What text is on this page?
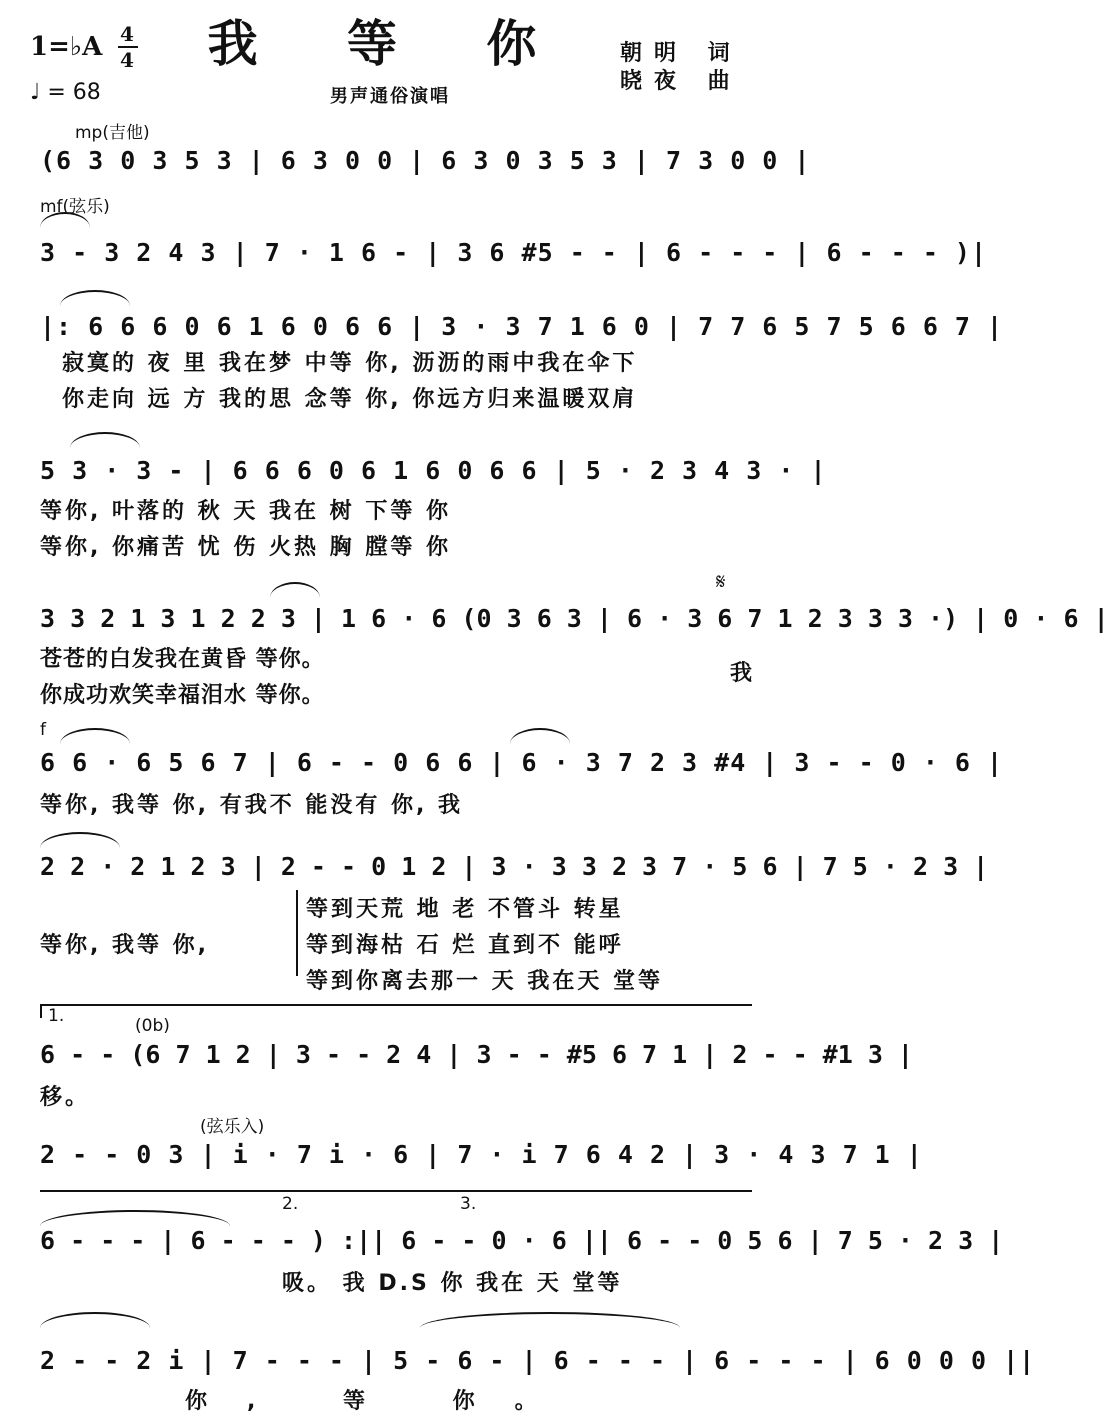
我 等 你
1=♭A 4
4
♩ = 68	男声通俗演唱
朝明 词
晓夜 曲
mp(吉他)
(6 3 0 3 5 3 | 6 3 0 0 | 6 3 0 3 5 3 | 7 3 0 0 |
mf(弦乐)
3 - 3 2 4 3 | 7 · 1 6 - | 3 6 #5 - - | 6 - - - | 6 - - - )|
|: 6 6 6 0 6 1 6 0 6 6 | 3 · 3 7 1 6 0 | 7 7 6 5 7 5 6 6 7 |
寂寞的 夜 里 我在梦 中等 你, 沥沥的雨中我在伞下
你走向 远 方 我的思 念等 你, 你远方归来温暖双肩
5 3 · 3 - | 6 6 6 0 6 1 6 0 6 6 | 5 · 2 3 4 3 · |
等你, 叶落的 秋 天 我在 树 下等 你
等你, 你痛苦 忧 伤 火热 胸 膛等 你
𝄋
3 3 2 1 3 1 2 2 3 | 1 6 · 6 (0 3 6 3 | 6 · 3 6 7 1 2 3 3 3 ·) | 0 · 6 |
苍苍的白发我在黄昏 等你。
你成功欢笑幸福泪水 等你。
我
f
6 6 · 6 5 6 7 | 6 - - 0 6 6 | 6 · 3 7 2 3 #4 | 3 - - 0 · 6 |
等你, 我等 你, 有我不 能没有 你, 我
2 2 · 2 1 2 3 | 2 - - 0 1 2 | 3 · 3 3 2 3 7 · 5 6 | 7 5 · 2 3 |
等你, 我等 你,
等到天荒 地 老 不管斗 转星
等到海枯 石 烂 直到不 能呼
等到你离去那一 天 我在天 堂等
1.	(0b)
6 - - (6 7 1 2 | 3 - - 2 4 | 3 - - #5 6 7 1 | 2 - - #1 3 |
移。
(弦乐入)
2 - - 0 3 | i · 7 i · 6 | 7 · i 7 6 4 2 | 3 · 4 3 7 1 |
2.	3.
6 - - - | 6 - - - ) :|| 6 - - 0 · 6 || 6 - - 0 5 6 | 7 5 · 2 3 |
吸。 我 D.S 你 我在 天 堂等
2 - - 2 i | 7 - - - | 5 - 6 - | 6 - - - | 6 - - - | 6 0 0 0 ||
你, 等 你。
